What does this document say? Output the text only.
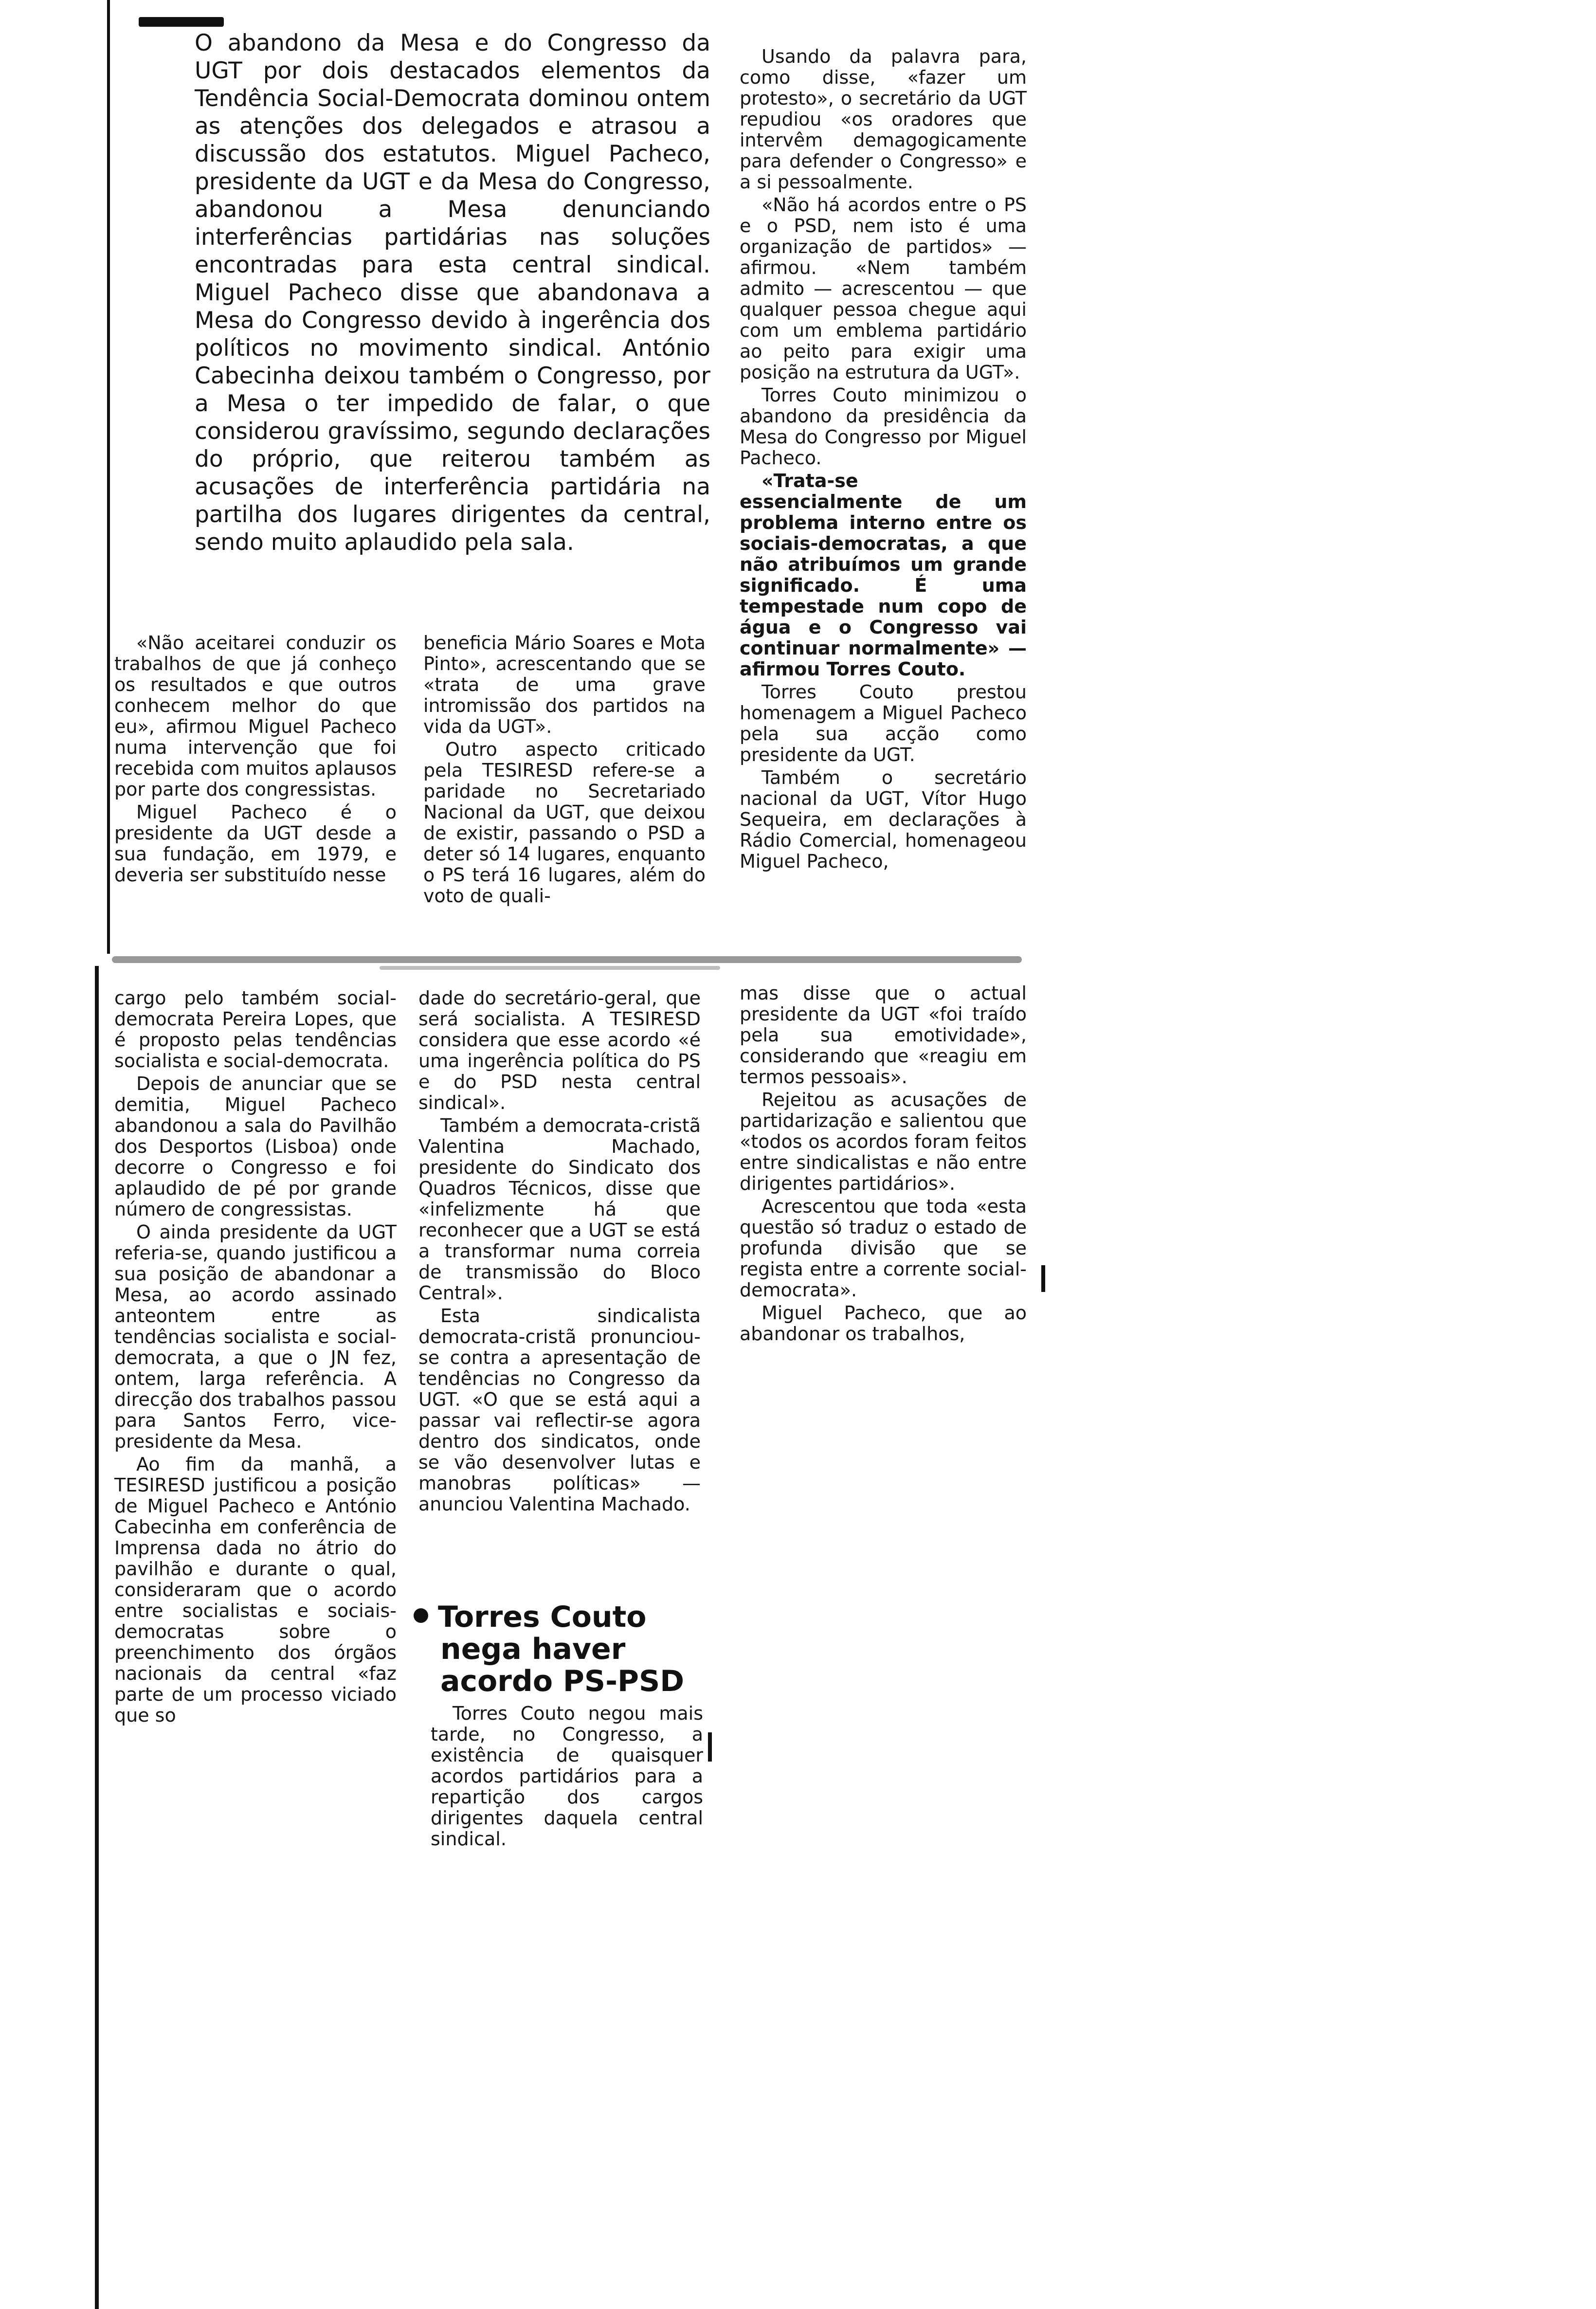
O abandono da Mesa e do Congresso da UGT por dois destacados elementos da Tendência Social-Democrata dominou ontem as atenções dos delegados e atrasou a discussão dos estatutos. Miguel Pacheco, presidente da UGT e da Mesa do Congresso, abandonou a Mesa denunciando interferências partidárias nas soluções encontradas para esta central sindical. Miguel Pacheco disse que abandonava a Mesa do Congresso devido à ingerência dos políticos no movimento sindical. António Cabecinha deixou também o Congresso, por a Mesa o ter impedido de falar, o que considerou gravíssimo, segundo declarações do próprio, que reiterou também as acusações de interferência partidária na partilha dos lugares dirigentes da central, sendo muito aplaudido pela sala.

«Não aceitarei conduzir os trabalhos de que já conheço os resultados e que outros conhecem melhor do que eu», afirmou Miguel Pacheco numa intervenção que foi recebida com muitos aplausos por parte dos congressistas.

Miguel Pacheco é o presidente da UGT desde a sua fundação, em 1979, e deveria ser substituído nesse

beneficia Mário Soares e Mota Pinto», acrescentando que se «trata de uma grave intromissão dos partidos na vida da UGT».

Outro aspecto criticado pela TESIRESD refere-se a paridade no Secretariado Nacional da UGT, que deixou de existir, passando o PSD a deter só 14 lugares, enquanto o PS terá 16 lugares, além do voto de quali-

Usando da palavra para, como disse, «fazer um protesto», o secretário da UGT repudiou «os oradores que intervêm demagogicamente para defender o Congresso» e a si pessoalmente.

«Não há acordos entre o PS e o PSD, nem isto é uma organização de partidos» — afirmou. «Nem também admito — acrescentou — que qualquer pessoa chegue aqui com um emblema partidário ao peito para exigir uma posição na estrutura da UGT».

Torres Couto minimizou o abandono da presidência da Mesa do Congresso por Miguel Pacheco.

«Trata-se essencialmente de um problema interno entre os sociais-democratas, a que não atribuímos um grande significado. É uma tempestade num copo de água e o Congresso vai continuar normalmente» — afirmou Torres Couto.

Torres Couto prestou homenagem a Miguel Pacheco pela sua acção como presidente da UGT.

Também o secretário nacional da UGT, Vítor Hugo Sequeira, em declarações à Rádio Comercial, homenageou Miguel Pacheco,

cargo pelo também social-democrata Pereira Lopes, que é proposto pelas tendências socialista e social-democrata.

Depois de anunciar que se demitia, Miguel Pacheco abandonou a sala do Pavilhão dos Desportos (Lisboa) onde decorre o Congresso e foi aplaudido de pé por grande número de congressistas.

O ainda presidente da UGT referia-se, quando justificou a sua posição de abandonar a Mesa, ao acordo assinado anteontem entre as tendências socialista e social-democrata, a que o JN fez, ontem, larga referência. A direcção dos trabalhos passou para Santos Ferro, vice-presidente da Mesa.

Ao fim da manhã, a TESIRESD justificou a posição de Miguel Pacheco e António Cabecinha em conferência de Imprensa dada no átrio do pavilhão e durante o qual, consideraram que o acordo entre socialistas e sociais-democratas sobre o preenchimento dos órgãos nacionais da central «faz parte de um processo viciado que so

dade do secretário-geral, que será socialista. A TESIRESD considera que esse acordo «é uma ingerência política do PS e do PSD nesta central sindical».

Também a democrata-cristã Valentina Machado, presidente do Sindicato dos Quadros Técnicos, disse que «infelizmente há que reconhecer que a UGT se está a transformar numa correia de transmissão do Bloco Central».

Esta sindicalista democrata-cristã pronunciou-se contra a apresentação de tendências no Congresso da UGT. «O que se está aqui a passar vai reflectir-se agora dentro dos sindicatos, onde se vão desenvolver lutas e manobras políticas» — anunciou Valentina Machado.

Torres Couto
nega haver
acordo PS-PSD

Torres Couto negou mais tarde, no Congresso, a existência de quaisquer acordos partidários para a repartição dos cargos dirigentes daquela central sindical.

mas disse que o actual presidente da UGT «foi traído pela sua emotividade», considerando que «reagiu em termos pessoais».

Rejeitou as acusações de partidarização e salientou que «todos os acordos foram feitos entre sindicalistas e não entre dirigentes partidários».

Acrescentou que toda «esta questão só traduz o estado de profunda divisão que se regista entre a corrente social-democrata».

Miguel Pacheco, que ao abandonar os trabalhos,
